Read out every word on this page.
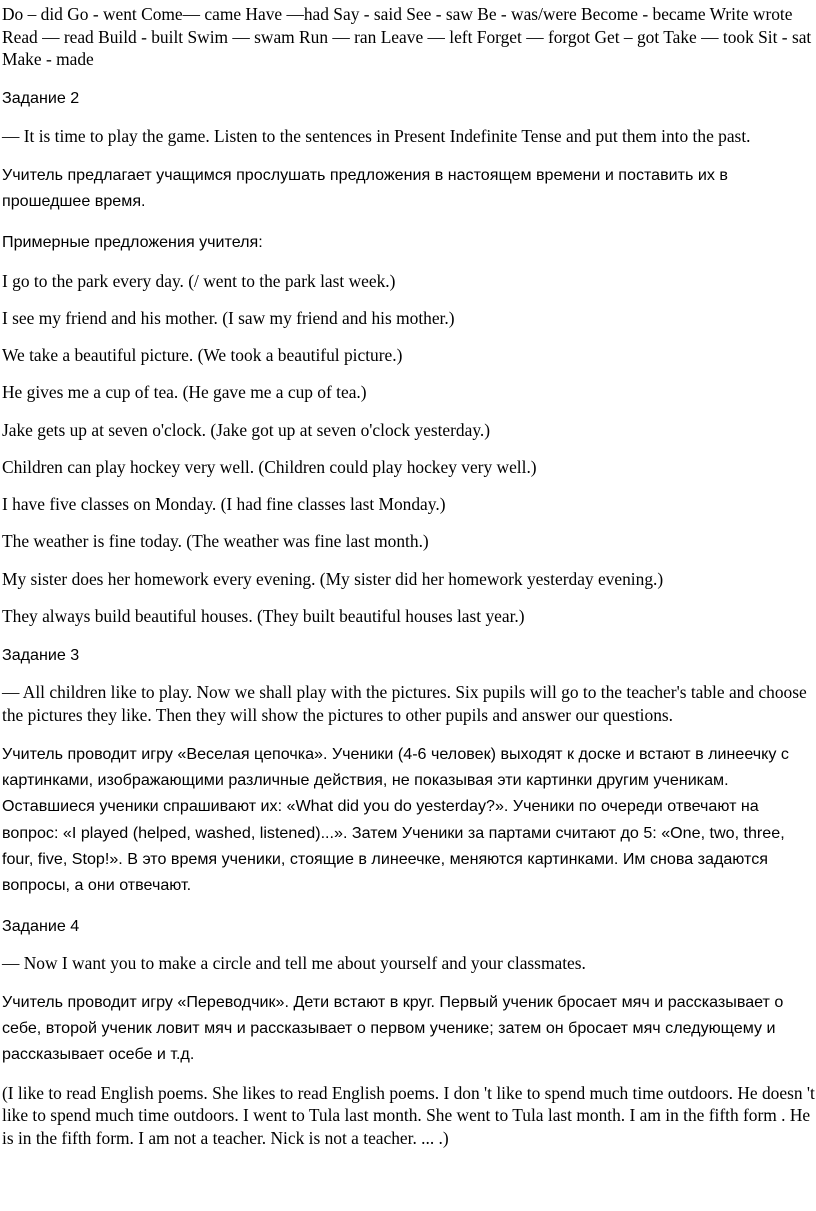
Do – did Go - went Come— came Have —had Say - said See - saw Be - was/were Become - became Write wrote Read — read Build - built Swim — swam Run — ran Leave — left Forget — forgot Get – got Take — took Sit - sat Make - made

Задание 2

— It is time to play the game. Listen to the sentences in Present Indefinite Tense and put them into the past.

Учитель предлагает учащимся прослушать предложения в настоящем времени и поставить их в прошедшее время.

Примерные предложения учителя:

I go to the park every day. (/ went to the park last week.)

I see my friend and his mother. (I saw my friend and his mother.)

We take a beautiful picture. (We took a beautiful picture.)

He gives me a cup of tea. (He gave me a cup of tea.)

Jake gets up at seven o'clock. (Jake got up at seven o'clock yesterday.)

Children can play hockey very well. (Children could play hockey very well.)

I have five classes on Monday. (I had fine classes last Monday.)

The weather is fine today. (The weather was fine last month.)

My sister does her homework every evening. (My sister did her homework yesterday evening.)

They always build beautiful houses. (They built beautiful houses last year.)

Задание 3

— All children like to play. Now we shall play with the pictures. Six pupils will go to the teacher's table and choose the pictures they like. Then they will show the pictures to other pupils and answer our questions.

Учитель проводит игру «Веселая цепочка». Ученики (4-6 человек) выходят к доске и встают в линеечку с картинками, изображающими различные действия, не показывая эти картинки другим ученикам. Оставшиеся ученики спрашивают их: «What did you do yesterday?». Ученики по очереди отвечают на вопрос: «I played (helped, washed, listened)...». Затем Ученики за партами считают до 5: «One, two, three, four, five, Stop!». В это время ученики, стоящие в линеечке, меняются картинками. Им снова задаются вопросы, а они отвечают.

Задание 4

— Now I want you to make a circle and tell me about yourself and your classmates.

Учитель проводит игру «Переводчик». Дети встают в круг. Первый ученик бросает мяч и рассказывает о себе, второй ученик ловит мяч и рассказывает о первом ученике; затем он бросает мяч следующему и рассказывает осебе и т.д.

(I like to read English poems. She likes to read English poems. I don 't like to spend much time outdoors. He doesn 't like to spend much time outdoors. I went to Tula last month. She went to Tula last month. I am in the fifth form . He is in the fifth form. I am not a teacher. Nick is not a teacher. ... .)
